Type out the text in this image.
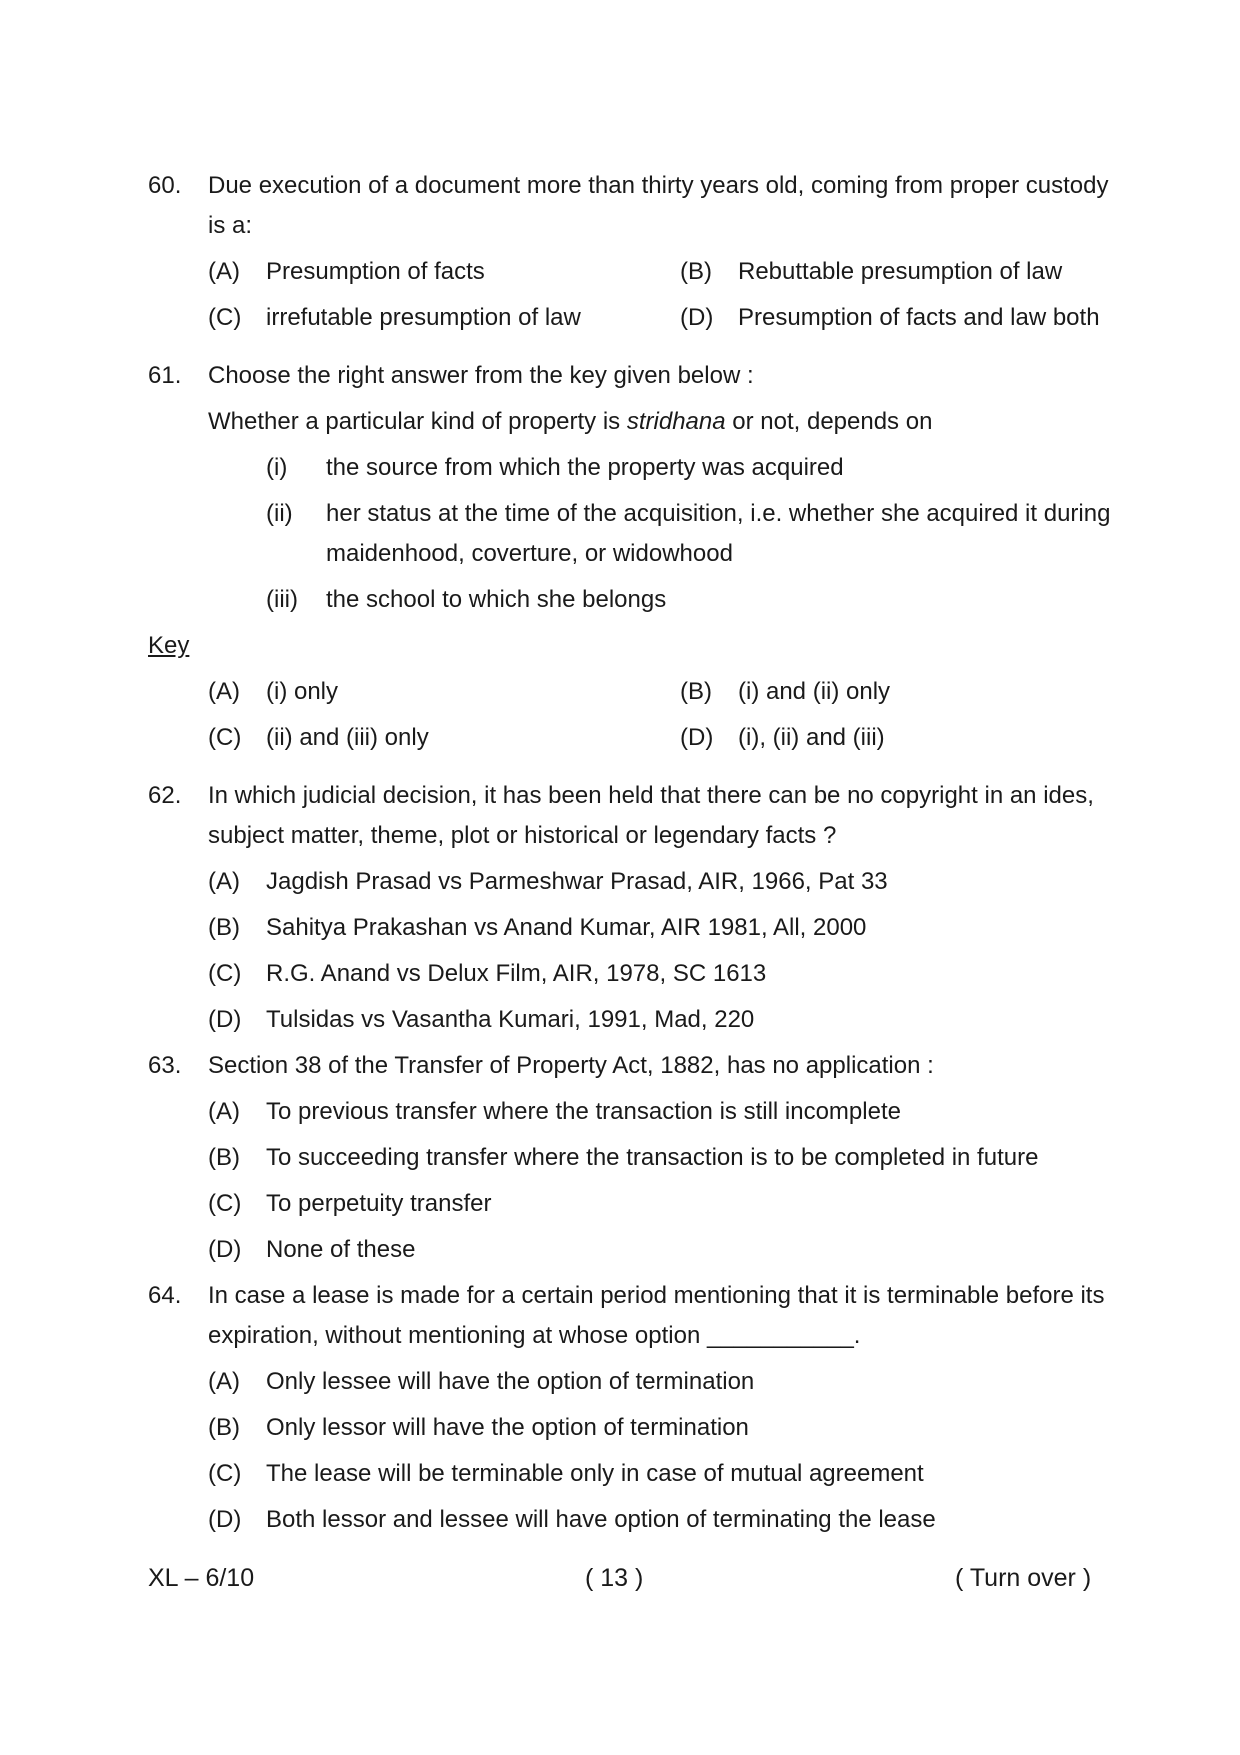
60. Due execution of a document more than thirty years old, coming from proper custody
is a:
(A) Presumption of facts	(B) Rebuttable presumption of law
(C) irrefutable presumption of law	(D) Presumption of facts and law both
61. Choose the right answer from the key given below :
Whether a particular kind of property is stridhana or not, depends on
(i) the source from which the property was acquired
(ii) her status at the time of the acquisition, i.e. whether she acquired it during
maidenhood, coverture, or widowhood
(iii) the school to which she belongs
Key
(A) (i) only	(B) (i) and (ii) only
(C) (ii) and (iii) only	(D) (i), (ii) and (iii)
62. In which judicial decision, it has been held that there can be no copyright in an ides,
subject matter, theme, plot or historical or legendary facts ?
(A) Jagdish Prasad vs Parmeshwar Prasad, AIR, 1966, Pat 33
(B) Sahitya Prakashan vs Anand Kumar, AIR 1981, All, 2000
(C) R.G. Anand vs Delux Film, AIR, 1978, SC 1613
(D) Tulsidas vs Vasantha Kumari, 1991, Mad, 220
63. Section 38 of the Transfer of Property Act, 1882, has no application :
(A) To previous transfer where the transaction is still incomplete
(B) To succeeding transfer where the transaction is to be completed in future
(C) To perpetuity transfer
(D) None of these
64. In case a lease is made for a certain period mentioning that it is terminable before its
expiration, without mentioning at whose option ___________.
(A) Only lessee will have the option of termination
(B) Only lessor will have the option of termination
(C) The lease will be terminable only in case of mutual agreement
(D) Both lessor and lessee will have option of terminating the lease
XL – 6/10	( 13 )	( Turn over )
